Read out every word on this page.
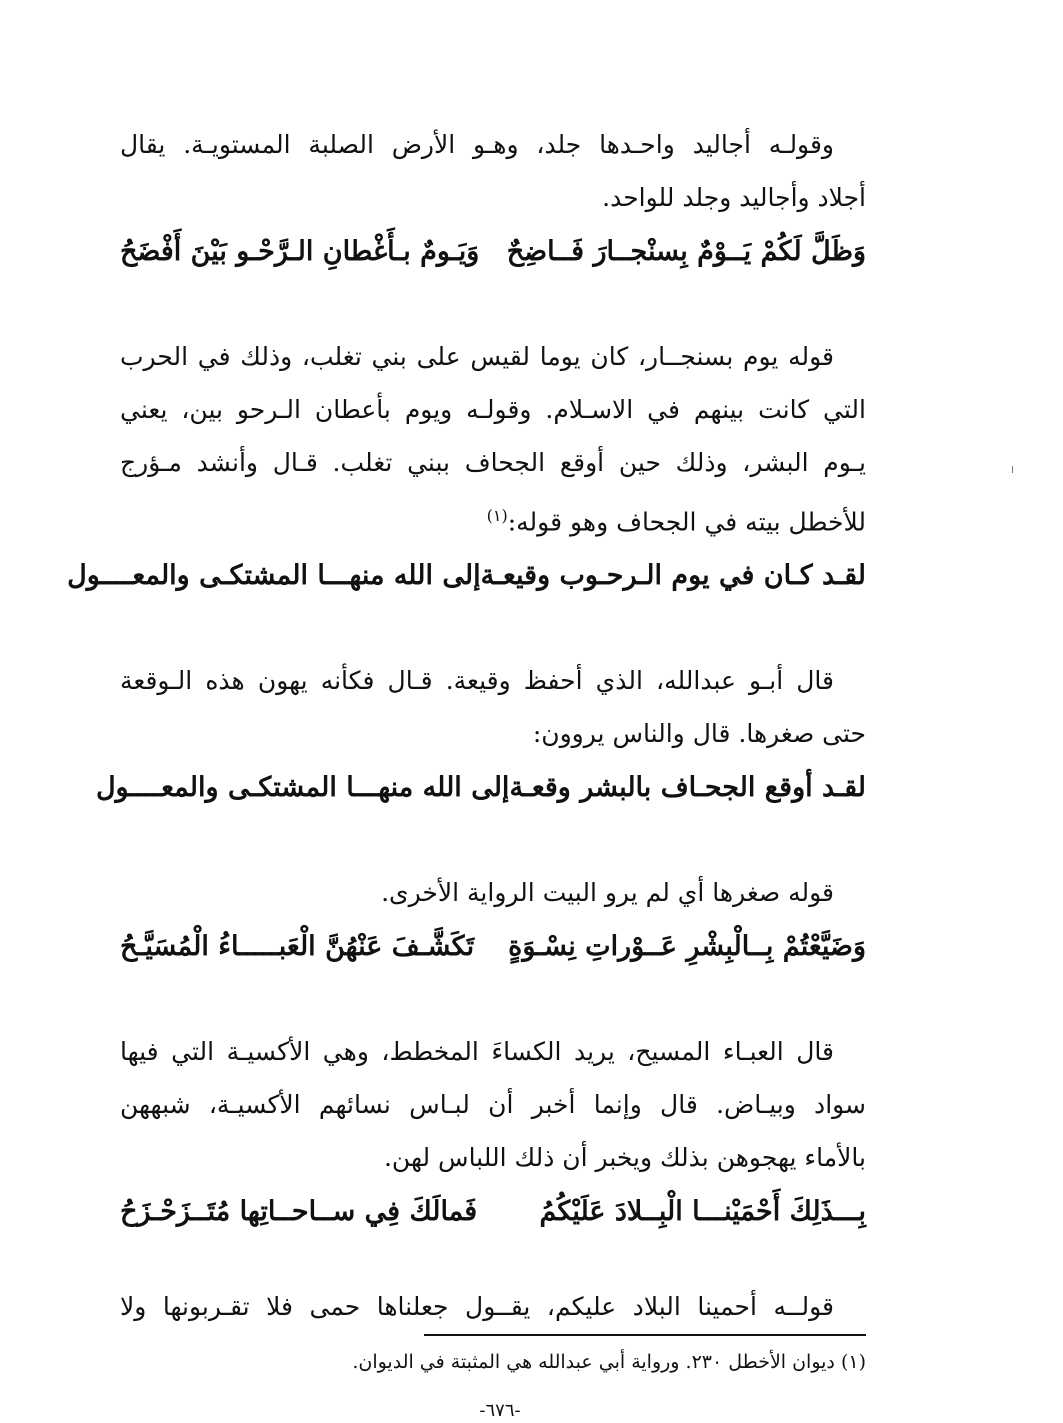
وقولـه أجاليد واحـدها جلد، وهـو الأرض الصلبة المستويـة. يقال
أجلاد وأجاليد وجلد للواحد.
وَظَلَّ لَكُمْ يَــوْمٌ بِسنْجــارَ فَــاضِحٌ
وَيَـومٌ بـأَغْطانِ الـرَّحْـو بَيْنَ أَفْضَحُ
قوله يوم بسنجــار، كان يوما لقيس على بني تغلب، وذلك في الحرب
التي كانت بينهم في الاسـلام. وقولـه ويوم بأعطان الـرحو بين، يعني
يـوم البشر، وذلك حين أوقع الجحاف ببني تغلب. قـال وأنشد مـؤرج
للأخطل بيته في الجحاف وهو قوله:$^{(١)}$
لقـد كـان في يوم الـرحـوب وقيعـة
إلى الله منهـــا المشتكـى والمعــــول
قال أبـو عبدالله، الذي أحفظ وقيعة. قـال فكأنه يهون هذه الـوقعة
حتى صغرها. قال والناس يروون:
لقـد أوقع الجحـاف بالبشر وقعـة
إلى الله منهـــا المشتكـى والمعــــول
قوله صغرها أي لم يرو البيت الرواية الأخرى.
وَضَيَّعْتُمْ بِــالْبِشْرِ عَــوْراتِ نِسْـوَةٍ
تَكَشَّـفَ عَنْهُنَّ الْعَبـــــاءُ الْمُسَيَّـحُ
قال العبـاء المسيح، يريد الكساءَ المخطط، وهي الأكسيـة التي فيها
سواد وبيـاض. قال وإنما أخبر أن لبـاس نسائهم الأكسيـة، شبههن
بالأماء يهجوهن بذلك ويخبر أن ذلك اللباس لهن.
بِـــذَلِكَ أَحْمَيْنـــا الْبِــلادَ عَلَيْكُمُ
فَمالَكَ فِي ســاحــاتِها مُتَــزَحْـزَحُ
قولــه أحمينا البلاد عليكم، يقــول جعلناها حمى فلا تقـربونها ولا
(١) ديوان الأخطل ٢٣٠. ورواية أبي عبدالله هي المثبتة في الديوان.
-٦٧٦-
